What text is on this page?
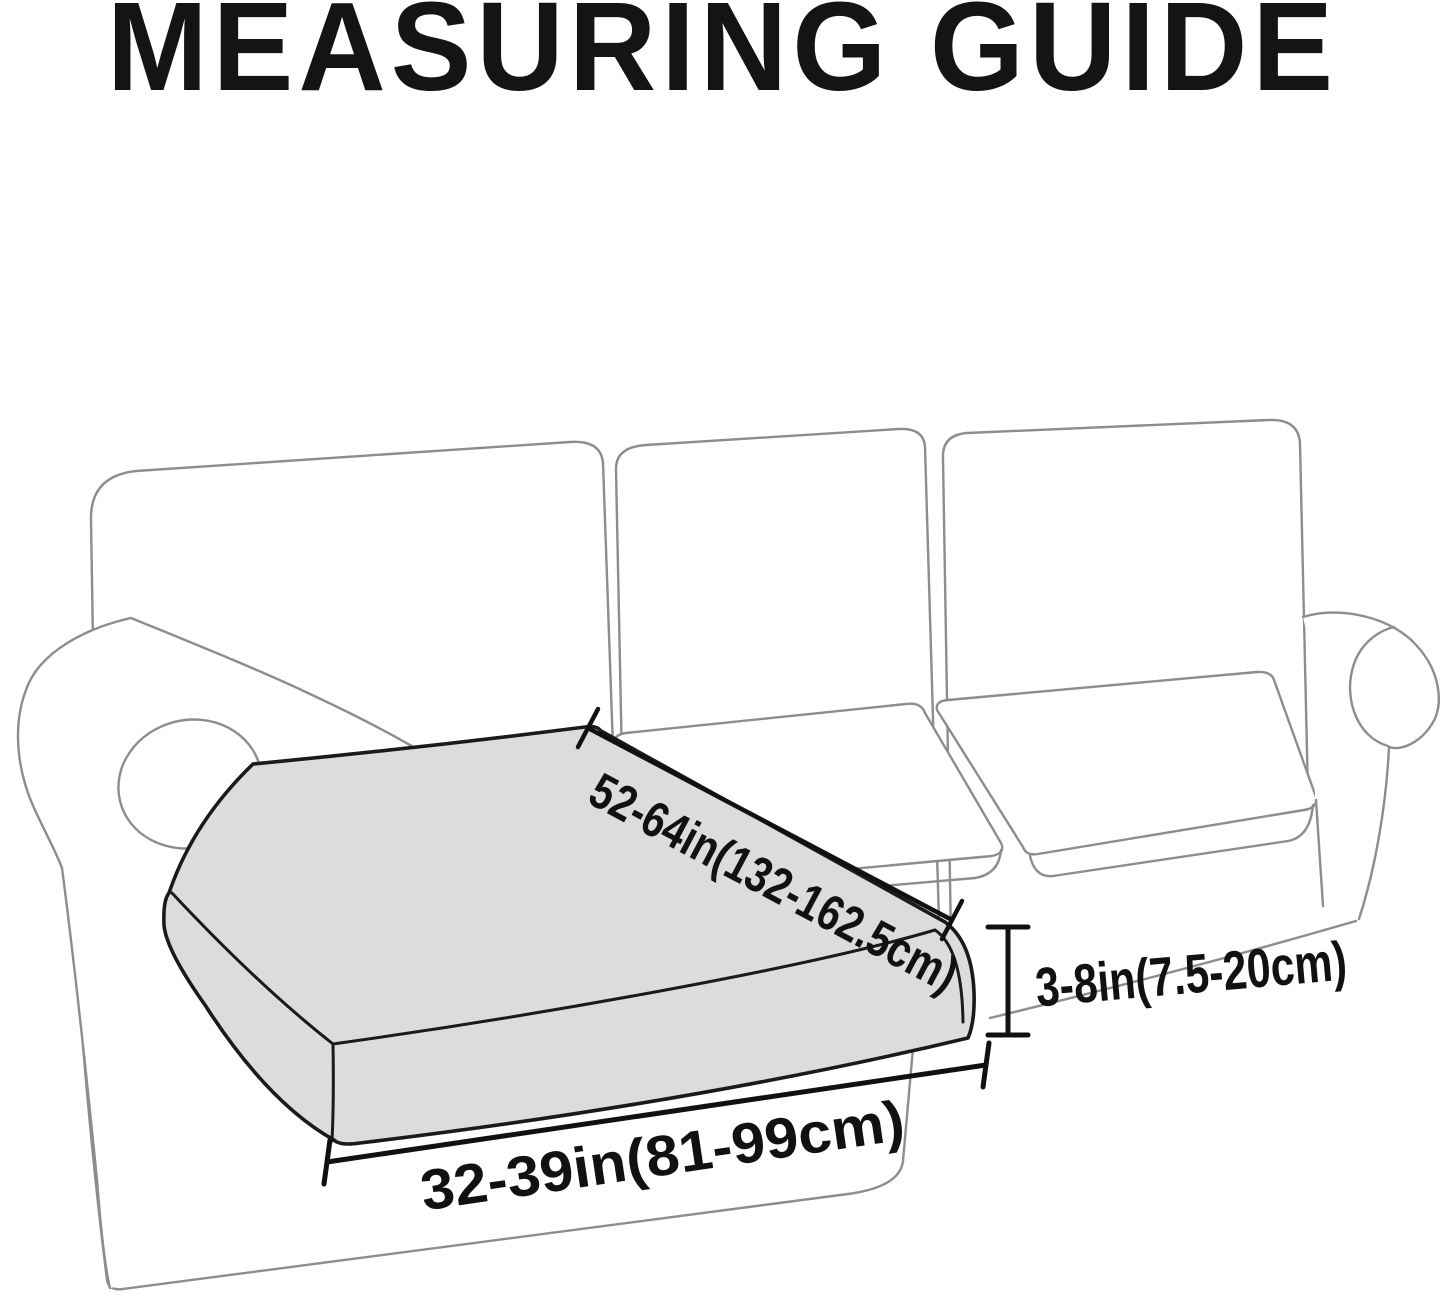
MEASURING GUIDE
52-64in(132-162.5cm)
3-8in(7.5-20cm)
32-39in(81-99cm)
